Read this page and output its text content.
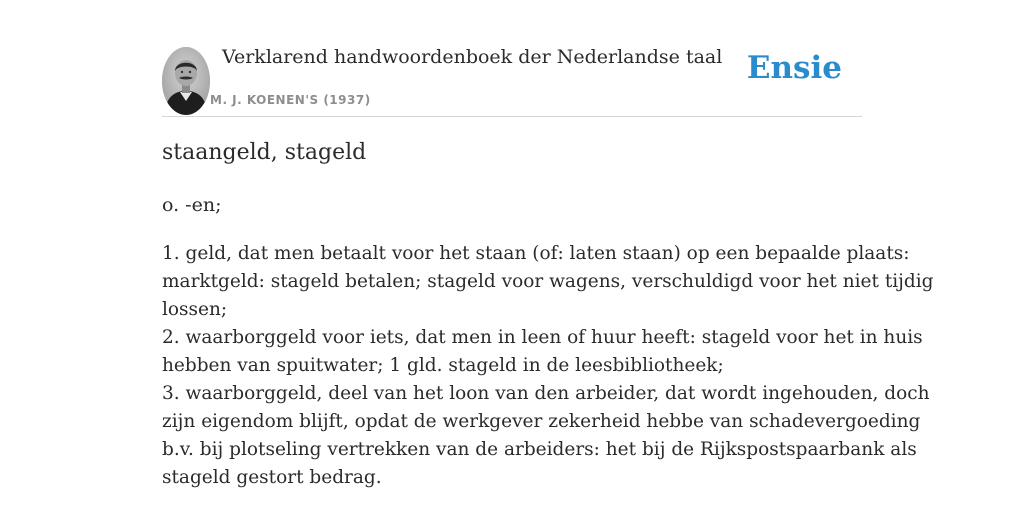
Verklarend handwoordenboek der Nederlandse taal
M. J. KOENEN'S (1937)
Ensie
staangeld, stageld
o. -en;
1. geld, dat men betaalt voor het staan (of: laten staan) op een bepaalde plaats:
marktgeld: stageld betalen; stageld voor wagens, verschuldigd voor het niet tijdig
lossen;
2. waarborggeld voor iets, dat men in leen of huur heeft: stageld voor het in huis
hebben van spuitwater; 1 gld. stageld in de leesbibliotheek;
3. waarborggeld, deel van het loon van den arbeider, dat wordt ingehouden, doch
zijn eigendom blijft, opdat de werkgever zekerheid hebbe van schadevergoeding
b.v. bij plotseling vertrekken van de arbeiders: het bij de Rijkspostspaarbank als
stageld gestort bedrag.
